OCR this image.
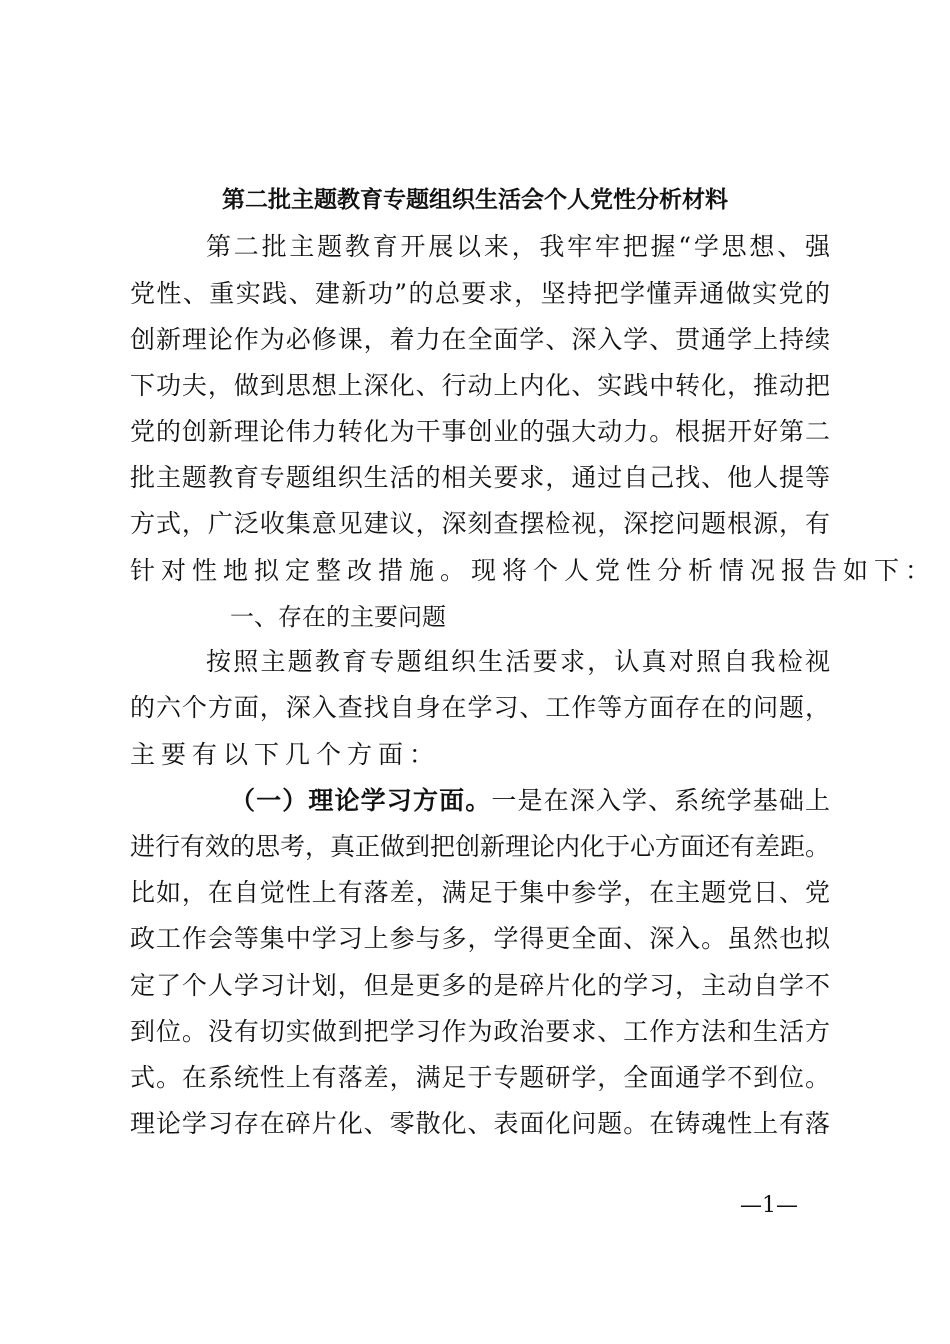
第二批主题教育专题组织生活会个人党性分析材料
第二批主题教育开展以来，我牢牢把握“学思想、强
党性、重实践、建新功”的总要求，坚持把学懂弄通做实党的
创新理论作为必修课，着力在全面学、深入学、贯通学上持续
下功夫，做到思想上深化、行动上内化、实践中转化，推动把
党的创新理论伟力转化为干事创业的强大动力。根据开好第二
批主题教育专题组织生活的相关要求，通过自己找、他人提等
方式，广泛收集意见建议，深刻查摆检视，深挖问题根源，有
针对性地拟定整改措施。现将个人党性分析情况报告如下：
一、存在的主要问题
按照主题教育专题组织生活要求，认真对照自我检视
的六个方面，深入查找自身在学习、工作等方面存在的问题，
主要有以下几个方面：
（一）理论学习方面。一是在深入学、系统学基础上
进行有效的思考，真正做到把创新理论内化于心方面还有差距。
比如，在自觉性上有落差，满足于集中参学，在主题党日、党
政工作会等集中学习上参与多，学得更全面、深入。虽然也拟
定了个人学习计划，但是更多的是碎片化的学习，主动自学不
到位。没有切实做到把学习作为政治要求、工作方法和生活方
式。在系统性上有落差，满足于专题研学，全面通学不到位。
理论学习存在碎片化、零散化、表面化问题。在铸魂性上有落
—1—
